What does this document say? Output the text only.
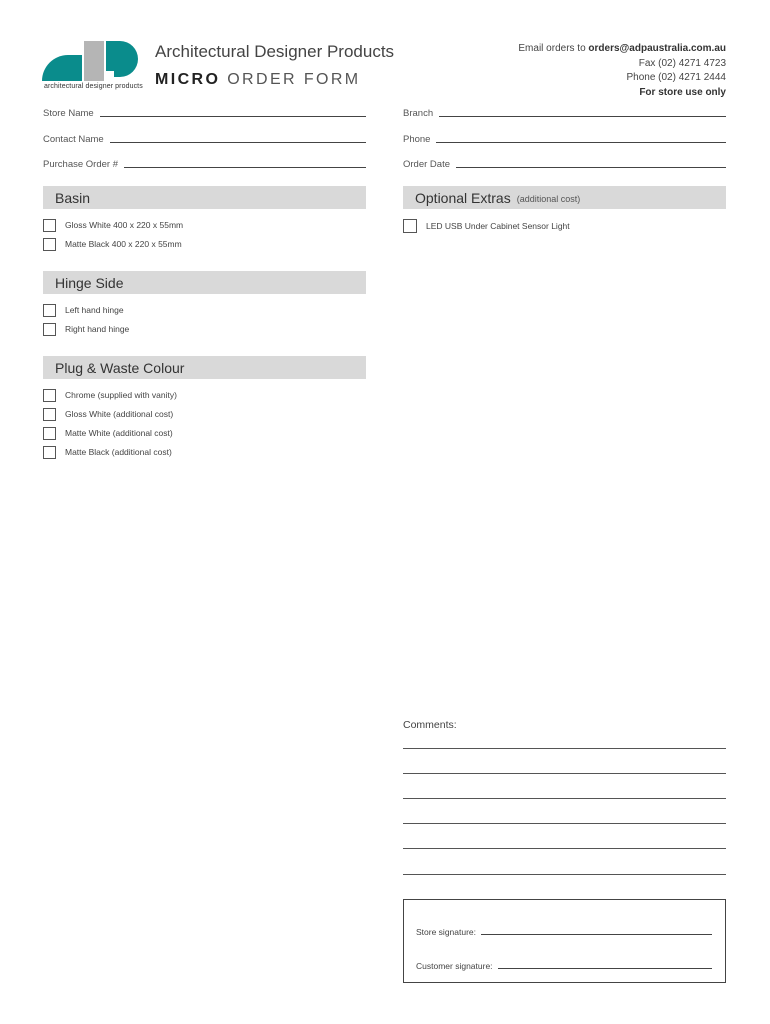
architectural designer products
Architectural Designer Products
MICRO ORDER FORM
Email orders to orders@adpaustralia.com.au
Fax (02) 4271 4723
Phone (02) 4271 2444
For store use only
Store Name
Contact Name
Purchase Order #
Branch
Phone
Order Date
Basin
Gloss White 400 x 220 x 55mm
Matte Black 400 x 220 x 55mm
Optional Extras (additional cost)
LED USB Under Cabinet Sensor Light
Hinge Side
Left hand hinge
Right hand hinge
Plug & Waste Colour
Chrome (supplied with vanity)
Gloss White (additional cost)
Matte White (additional cost)
Matte Black (additional cost)
Comments:
Store signature:
Customer signature:
